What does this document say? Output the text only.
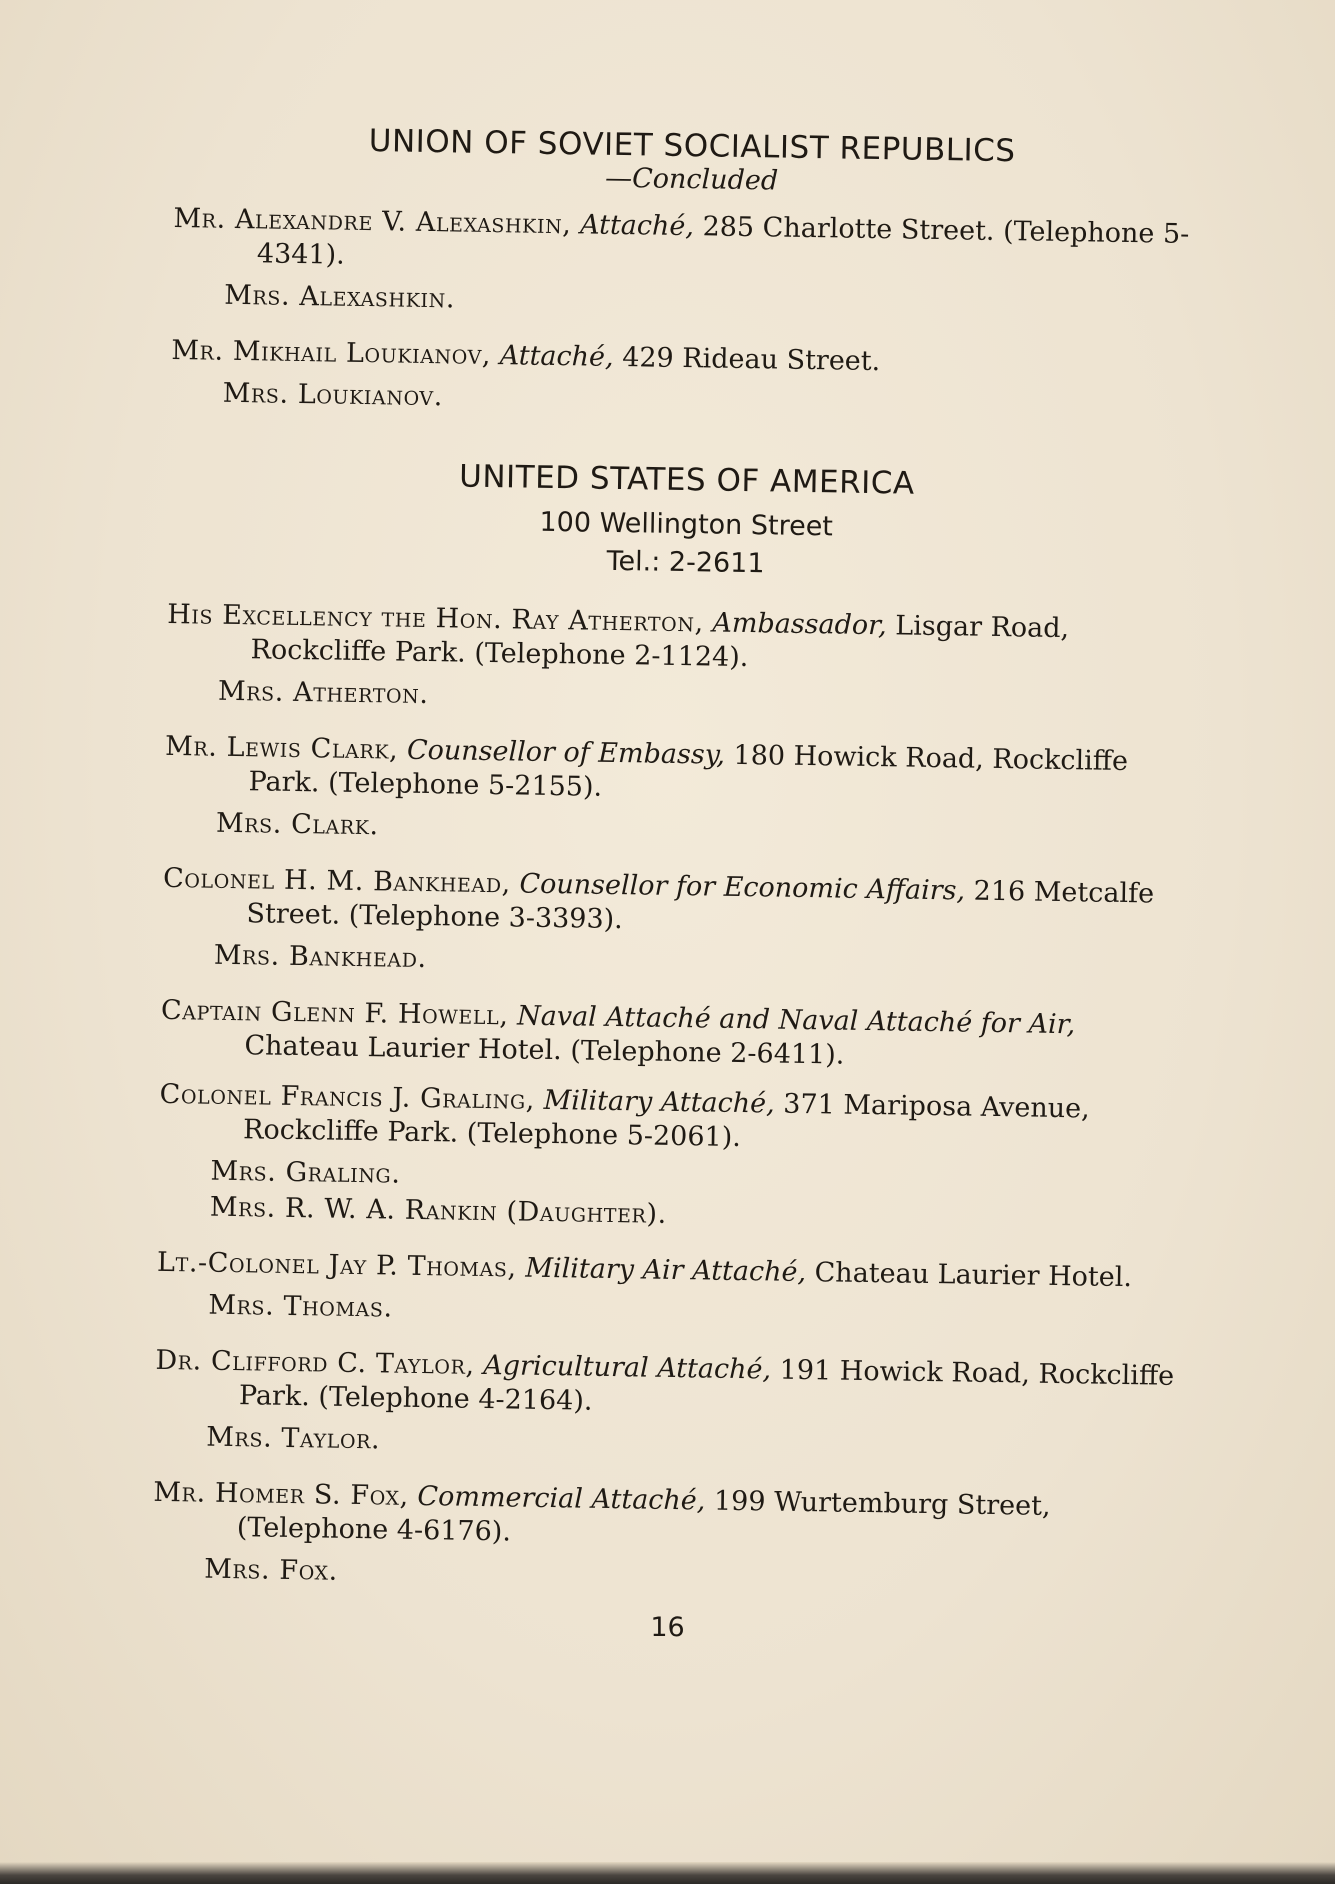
UNION OF SOVIET SOCIALIST REPUBLICS

—Concluded

Mr. Alexandre V. Alexashkin, Attaché, 285 Charlotte Street. (Telephone 5-4341).

Mrs. Alexashkin.

Mr. Mikhail Loukianov, Attaché, 429 Rideau Street.

Mrs. Loukianov.

UNITED STATES OF AMERICA

100 Wellington Street

Tel.: 2-2611

His Excellency the Hon. Ray Atherton, Ambassador, Lisgar Road, Rockcliffe Park. (Telephone 2-1124).

Mrs. Atherton.

Mr. Lewis Clark, Counsellor of Embassy, 180 Howick Road, Rockcliffe Park. (Telephone 5-2155).

Mrs. Clark.

Colonel H. M. Bankhead, Counsellor for Economic Affairs, 216 Metcalfe Street. (Telephone 3-3393).

Mrs. Bankhead.

Captain Glenn F. Howell, Naval Attaché and Naval Attaché for Air, Chateau Laurier Hotel. (Telephone 2-6411).

Colonel Francis J. Graling, Military Attaché, 371 Mariposa Avenue, Rockcliffe Park. (Telephone 5-2061).

Mrs. Graling.

Mrs. R. W. A. Rankin (Daughter).

Lt.-Colonel Jay P. Thomas, Military Air Attaché, Chateau Laurier Hotel.

Mrs. Thomas.

Dr. Clifford C. Taylor, Agricultural Attaché, 191 Howick Road, Rockcliffe Park. (Telephone 4-2164).

Mrs. Taylor.

Mr. Homer S. Fox, Commercial Attaché, 199 Wurtemburg Street, (Telephone 4-6176).

Mrs. Fox.

16
